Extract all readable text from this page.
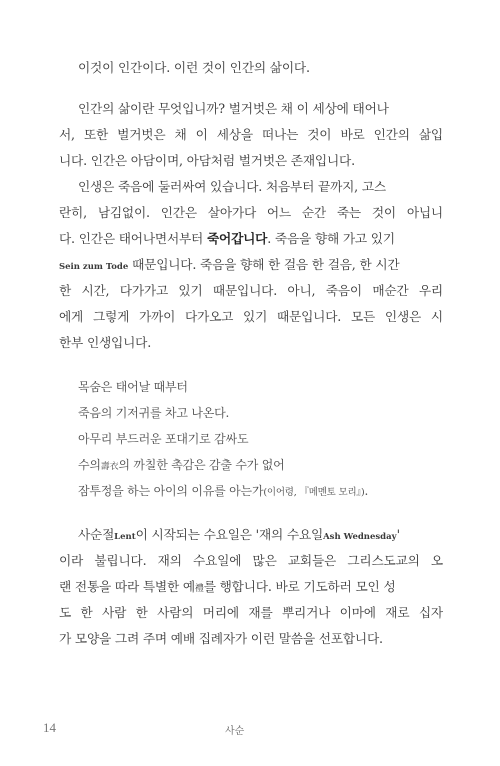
이것이 인간이다. 이런 것이 인간의 삶이다.
인간의 삶이란 무엇입니까? 벌거벗은 채 이 세상에 태어나
서, 또한 벌거벗은 채 이 세상을 떠나는 것이 바로 인간의 삶입
니다. 인간은 아담이며, 아담처럼 벌거벗은 존재입니다.
인생은 죽음에 둘러싸여 있습니다. 처음부터 끝까지, 고스
란히, 남김없이. 인간은 살아가다 어느 순간 죽는 것이 아닙니
다. 인간은 태어나면서부터 죽어갑니다. 죽음을 향해 가고 있기
Sein zum Tode 때문입니다. 죽음을 향해 한 걸음 한 걸음, 한 시간
한 시간, 다가가고 있기 때문입니다. 아니, 죽음이 매순간 우리
에게 그렇게 가까이 다가오고 있기 때문입니다. 모든 인생은 시
한부 인생입니다.
목숨은 태어날 때부터
죽음의 기저귀를 차고 나온다.
아무리 부드러운 포대기로 감싸도
수의壽衣의 까칠한 촉감은 감출 수가 없어
잠투정을 하는 아이의 이유를 아는가(이어령, 『메멘토 모리』).
사순절Lent이 시작되는 수요일은 '재의 수요일Ash Wednesday'
이라 불립니다. 재의 수요일에 많은 교회들은 그리스도교의 오
랜 전통을 따라 특별한 예禮를 행합니다. 바로 기도하러 모인 성
도 한 사람 한 사람의 머리에 재를 뿌리거나 이마에 재로 십자
가 모양을 그려 주며 예배 집례자가 이런 말씀을 선포합니다.
14	사순
